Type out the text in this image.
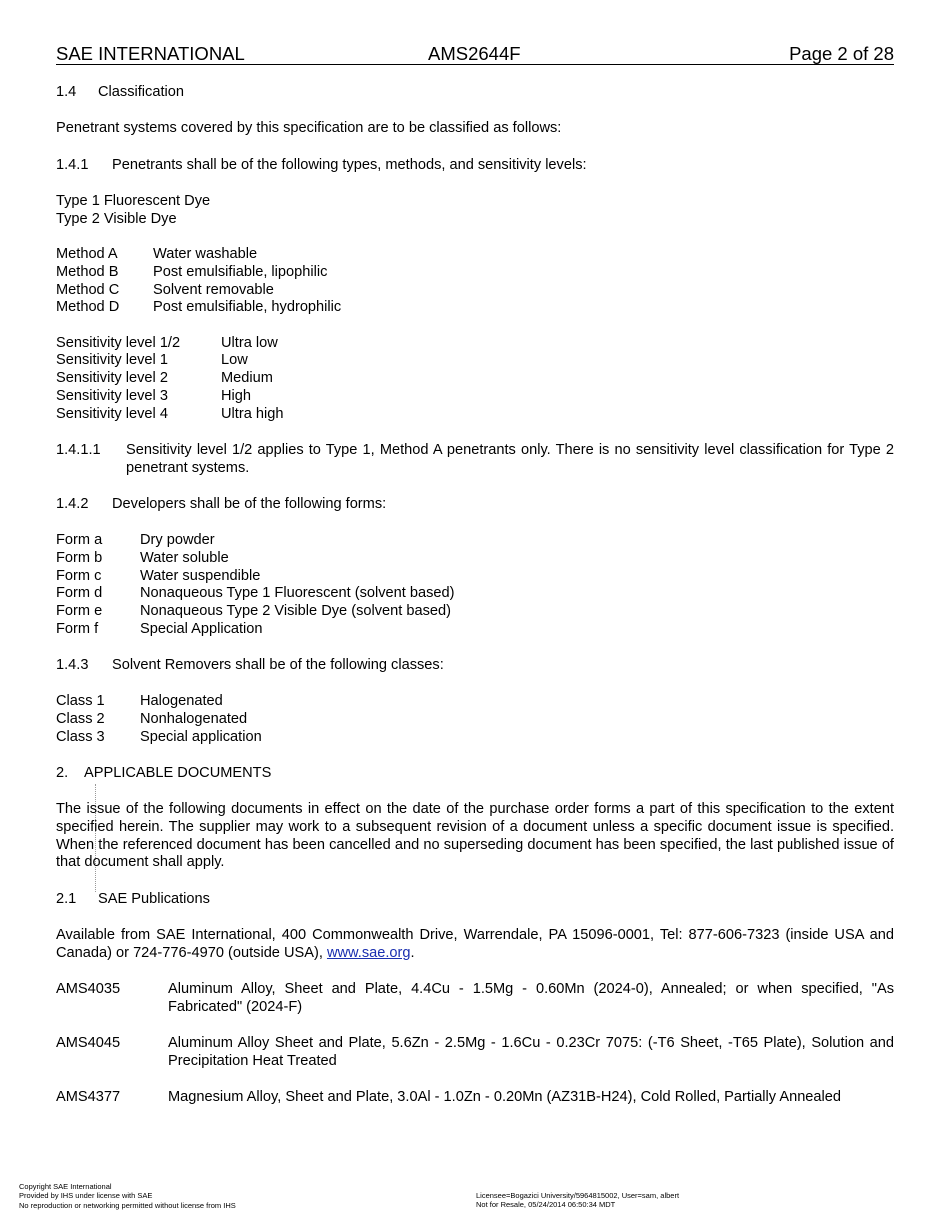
SAE INTERNATIONAL	AMS2644F	Page 2 of 28
1.4 Classification
Penetrant systems covered by this specification are to be classified as follows:
1.4.1 Penetrants shall be of the following types, methods, and sensitivity levels:
Type 1 Fluorescent Dye
Type 2 Visible Dye
Method A Water washable
Method B Post emulsifiable, lipophilic
Method C Solvent removable
Method D Post emulsifiable, hydrophilic
Sensitivity level 1/2	Ultra low
Sensitivity level 1	Low
Sensitivity level 2	Medium
Sensitivity level 3	High
Sensitivity level 4	Ultra high
1.4.1.1 Sensitivity level 1/2 applies to Type 1, Method A penetrants only. There is no sensitivity level classification for Type 2 penetrant systems.
1.4.2 Developers shall be of the following forms:
Form a	Dry powder
Form b	Water soluble
Form c	Water suspendible
Form d	Nonaqueous Type 1 Fluorescent (solvent based)
Form e	Nonaqueous Type 2 Visible Dye (solvent based)
Form f	Special Application
1.4.3 Solvent Removers shall be of the following classes:
Class 1 Halogenated
Class 2 Nonhalogenated
Class 3 Special application
2. APPLICABLE DOCUMENTS
The issue of the following documents in effect on the date of the purchase order forms a part of this specification to the extent specified herein. The supplier may work to a subsequent revision of a document unless a specific document issue is specified. When the referenced document has been cancelled and no superseding document has been specified, the last published issue of that document shall apply.
2.1 SAE Publications
Available from SAE International, 400 Commonwealth Drive, Warrendale, PA 15096-0001, Tel: 877-606-7323 (inside USA and Canada) or 724-776-4970 (outside USA), www.sae.org.
AMS4035	Aluminum Alloy, Sheet and Plate, 4.4Cu - 1.5Mg - 0.60Mn (2024-0), Annealed; or when specified, "As Fabricated" (2024-F)
AMS4045	Aluminum Alloy Sheet and Plate, 5.6Zn - 2.5Mg - 1.6Cu - 0.23Cr 7075: (-T6 Sheet, -T65 Plate), Solution and Precipitation Heat Treated
AMS4377	Magnesium Alloy, Sheet and Plate, 3.0Al - 1.0Zn - 0.20Mn (AZ31B-H24), Cold Rolled, Partially Annealed
Copyright SAE International
Provided by IHS under license with SAE
No reproduction or networking permitted without license from IHS
Licensee=Bogazici University/5964815002, User=sam, albert
Not for Resale, 05/24/2014 06:50:34 MDT
